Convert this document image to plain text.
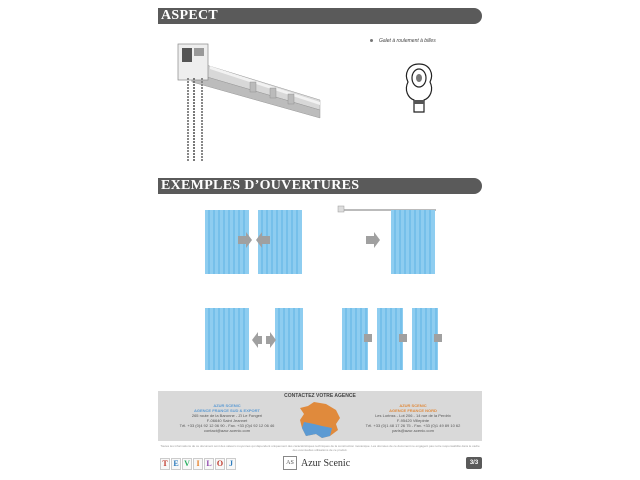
ASPECT
Galet à roulement à billes
EXEMPLES D’OUVERTURES
CONTACTEZ VOTRE AGENCE
AZUR SCENIC
AGENCE FRANCE SUD & EXPORT
265 route de la Baronne - ZI Le Fongeri
F-06640 Saint Jeannet
Tél. +33 (0)4 92 12 06 90 - Fax. +33 (0)4 92 12 06 46
contact@azur-scenic.com
AZUR SCENIC
AGENCE FRANCE NORD
Les Lorinss - Lot 206 - 14 rue de la Perdrix
F-95420 Villepinte
Tél. +33 (0)1 48 17 26 75 - Fax. +33 (0)1 49 89 10 62
paris@azur-scenic.com
Toutes les informations de ce document sont des valeurs moyennes qui dépendent uniquement des caractéristiques techniques de la construction mécanique. Les données de ce document ne engagent pas notre responsabilité dans le cadre des éventuelles utilisations de ce produit.
T E V I L O J	AS Azur Scenic	3/3
